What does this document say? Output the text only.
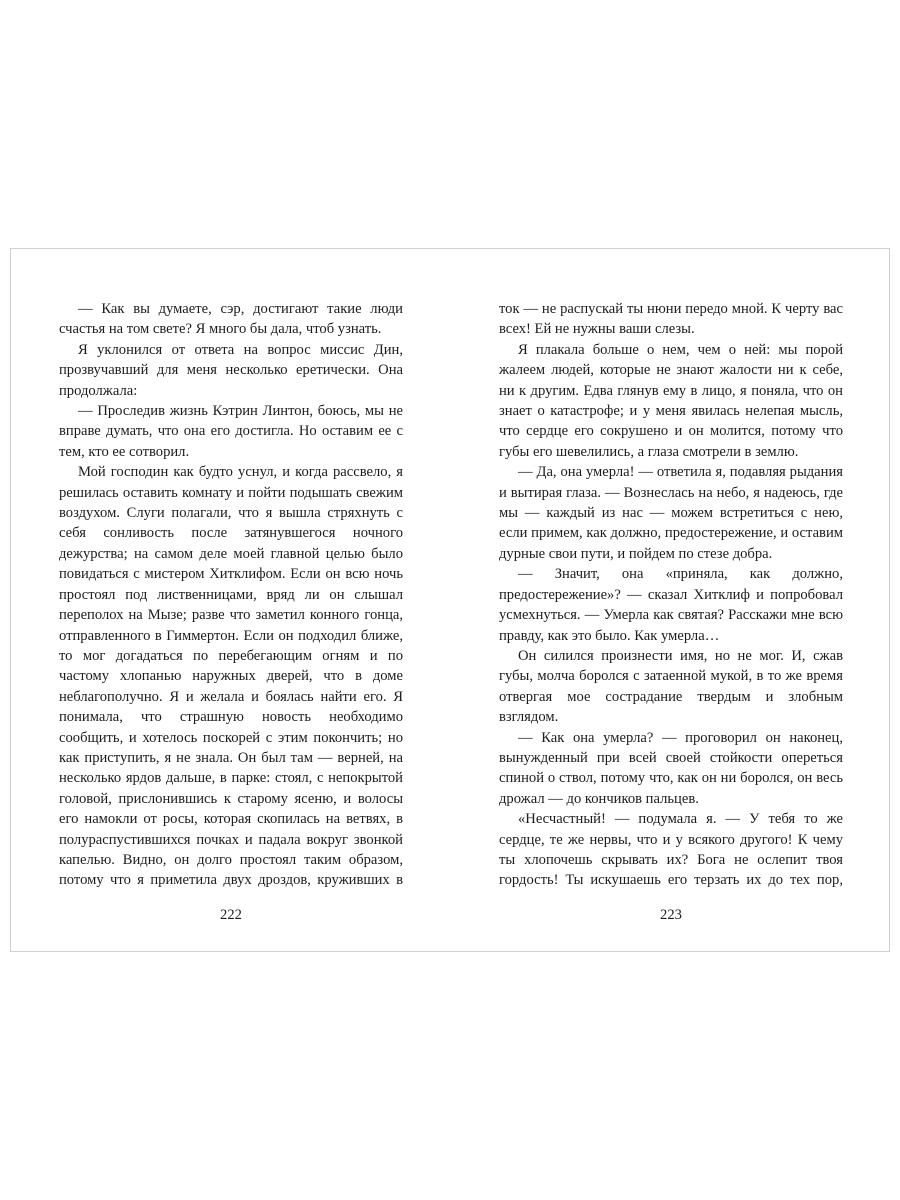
— Как вы думаете, сэр, достигают такие люди счастья на том свете? Я много бы дала, чтоб узнать.

Я уклонился от ответа на вопрос миссис Дин, прозвучавший для меня несколько еретически. Она продолжала:

— Проследив жизнь Кэтрин Линтон, боюсь, мы не вправе думать, что она его достигла. Но оставим ее с тем, кто ее сотворил.

Мой господин как будто уснул, и когда рассвело, я решилась оставить комнату и пойти подышать свежим воздухом. Слуги полагали, что я вышла стряхнуть с себя сонливость после затянувшегося ночного дежурства; на самом деле моей главной целью было повидаться с мистером Хитклифом. Если он всю ночь простоял под лиственницами, вряд ли он слышал переполох на Мызе; разве что заметил конного гонца, отправленного в Гиммертон. Если он подходил ближе, то мог догадаться по перебегающим огням и по частому хлопанью наружных дверей, что в доме неблагополучно. Я и желала и боялась найти его. Я понимала, что страшную новость необходимо сообщить, и хотелось поскорей с этим покончить; но как приступить, я не знала. Он был там — верней, на несколько ярдов дальше, в парке: стоял, с непокрытой головой, прислонившись к старому ясеню, и волосы его намокли от росы, которая скопилась на ветвях, в полураспустившихся почках и падала вокруг звонкой капелью. Видно, он долго простоял таким образом, потому что я приметила двух дроздов, круживших в

222

ток — не распускай ты нюни передо мной. К черту вас всех! Ей не нужны ваши слезы.

Я плакала больше о нем, чем о ней: мы порой жалеем людей, которые не знают жалости ни к себе, ни к другим. Едва глянув ему в лицо, я поняла, что он знает о катастрофе; и у меня явилась нелепая мысль, что сердце его сокрушено и он молится, потому что губы его шевелились, а глаза смотрели в землю.

— Да, она умерла! — ответила я, подавляя рыдания и вытирая глаза. — Вознеслась на небо, я надеюсь, где мы — каждый из нас — можем встретиться с нею, если примем, как должно, предостережение, и оставим дурные свои пути, и пойдем по стезе добра.

— Значит, она «приняла, как должно, предостережение»? — сказал Хитклиф и попробовал усмехнуться. — Умерла как святая? Расскажи мне всю правду, как это было. Как умерла…

Он силился произнести имя, но не мог. И, сжав губы, молча боролся с затаенной мукой, в то же время отвергая мое сострадание твердым и злобным взглядом.

— Как она умерла? — проговорил он наконец, вынужденный при всей своей стойкости опереться спиной о ствол, потому что, как он ни боролся, он весь дрожал — до кончиков пальцев.

«Несчастный! — подумала я. — У тебя то же сердце, те же нервы, что и у всякого другого! К чему ты хлопочешь скрывать их? Бога не ослепит твоя гордость! Ты искушаешь его терзать их до тех пор,

223
